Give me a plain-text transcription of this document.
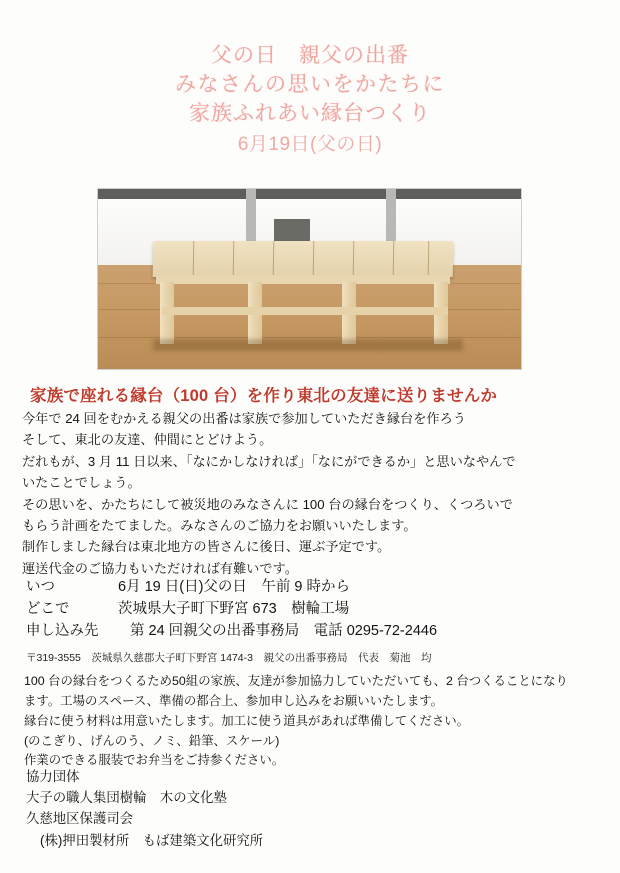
父の日　親父の出番
みなさんの思いをかたちに
家族ふれあい縁台つくり
6月19日(父の日)
家族で座れる縁台（100 台）を作り東北の友達に送りませんか
今年で 24 回をむかえる親父の出番は家族で参加していただき縁台を作ろう
そして、東北の友達、仲間にとどけよう。
だれもが、3 月 11 日以来、「なにかしなければ」「なにができるか」と思いなやんで
いたことでしょう。
その思いを、かたちにして被災地のみなさんに 100 台の縁台をつくり、くつろいで
もらう計画をたてました。みなさんのご協力をお願いいたします。
制作しました縁台は東北地方の皆さんに後日、運ぶ予定です。
運送代金のご協力もいただければ有難いです。
いつ	6月 19 日(日)父の日　午前 9 時から
どこで	茨城県大子町下野宮 673　樹輪工場
申し込み先	第 24 回親父の出番事務局　電話 0295-72-2446
〒319-3555　茨城県久慈郡大子町下野宮 1474-3　親父の出番事務局　代表　菊池　均
100 台の縁台をつくるため50組の家族、友達が参加協力していただいても、2 台つくることになり
ます。工場のスペース、準備の都合上、参加申し込みをお願いいたします。
縁台に使う材料は用意いたします。加工に使う道具があれば準備してください。
(のこぎり、げんのう、ノミ、鉛筆、スケール)
作業のできる服装でお弁当をご持参ください。
協力団体
大子の職人集団樹輪　木の文化塾
久慈地区保護司会
(株)押田製材所　もば建築文化研究所
